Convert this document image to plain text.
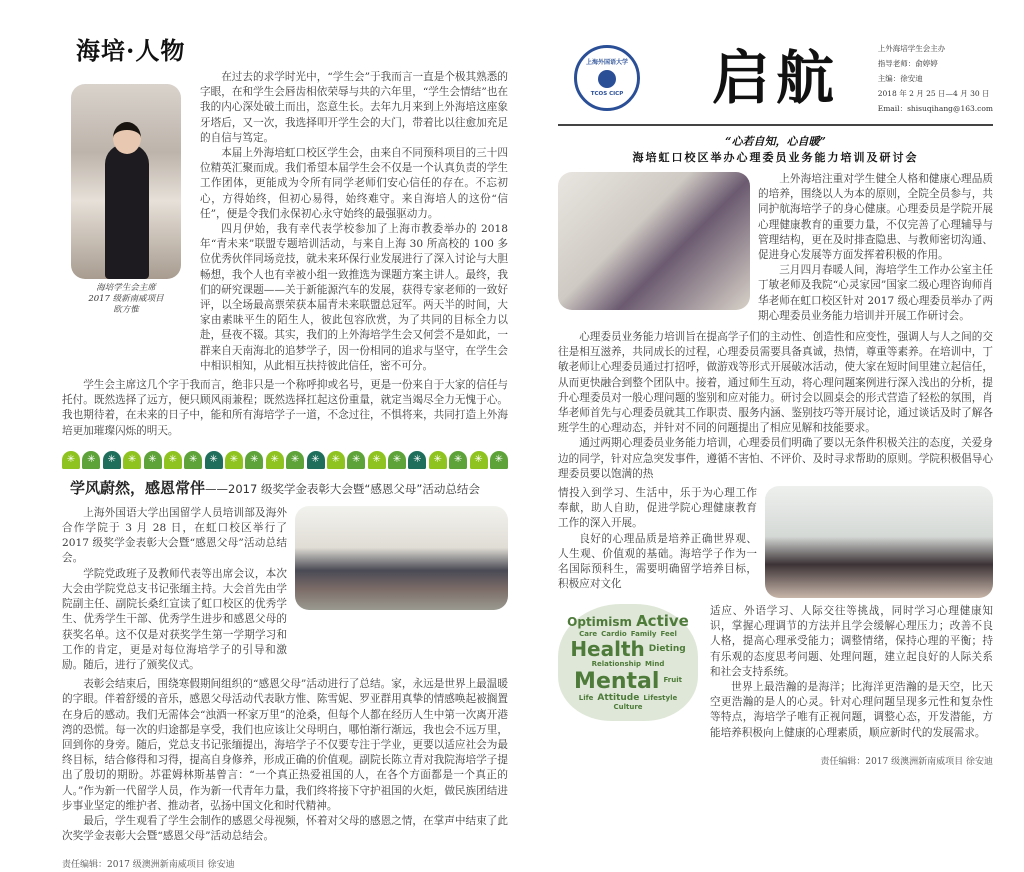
海培·人物
海培学生会主席
2017 级新南威项目
欧方惟

在过去的求学时光中，“学生会”于我而言一直是个极其熟悉的字眼，在和学生会唇齿相依荣辱与共的六年里，“学生会情结”也在我的内心深处破土而出，恣意生长。去年九月来到上外海培这座象牙塔后，又一次，我选择叩开学生会的大门，带着比以往愈加充足的自信与笃定。

本届上外海培虹口校区学生会，由来自不同预科项目的三十四位精英汇聚而成。我们希望本届学生会不仅是一个认真负责的学生工作团体，更能成为令所有同学老师们安心信任的存在。不忘初心，方得始终，但初心易得，始终难守。来自海培人的这份“信任”，便是令我们永保初心永守始终的最强驱动力。

四月伊始，我有幸代表学校参加了上海市教委举办的 2018 年“青未来”联盟专题培训活动，与来自上海 30 所高校的 100 多位优秀伙伴同场竞技，就未来环保行业发展进行了深入讨论与大胆畅想，我个人也有幸被小组一致推选为课题方案主讲人。最终，我们的研究课题——关于新能源汽车的发展，获得专家老师的一致好评，以全场最高票荣获本届青未来联盟总冠军。两天半的时间，大家由素昧平生的陌生人，彼此包容欣赏，为了共同的目标全力以赴，昼夜不辍。其实，我们的上外海培学生会又何尝不是如此，一群来自天南海北的追梦学子，因一份相同的追求与坚守，在学生会中相识相知，从此相互扶持彼此信任，密不可分。

学生会主席这几个字于我而言，绝非只是一个称呼抑或名号，更是一份来自于大家的信任与托付。既然选择了远方，便只顾风雨兼程；既然选择扛起这份重量，就定当竭尽全力无愧于心。我也期待着，在未来的日子中，能和所有海培学子一道，不念过往，不惧将来，共同打造上外海培更加璀璨闪烁的明天。

✳	✳	✳	✳	✳	✳	✳	✳	✳	✳	✳	✳	✳	✳	✳	✳	✳	✳	✳	✳	✳	✳
学风蔚然，感恩常伴——2017 级奖学金表彰大会暨“感恩父母”活动总结会

上海外国语大学出国留学人员培训部及海外合作学院于 3 月 28 日，在虹口校区举行了 2017 级奖学金表彰大会暨“感恩父母”活动总结会。

学院党政班子及教师代表等出席会议，本次大会由学院党总支书记张缅主持。大会首先由学院副主任、副院长桑红宣读了虹口校区的优秀学生、优秀学生干部、优秀学生进步和感恩父母的获奖名单。这不仅是对获奖学生第一学期学习和工作的肯定，更是对每位海培学子的引导和激励。随后，进行了颁奖仪式。

表彰会结束后，围绕寒假期间组织的“感恩父母”活动进行了总结。家，永远是世界上最温暖的字眼。伴着舒缓的音乐，感恩父母活动代表耿方惟、陈雪妮、罗亚群用真挚的情感唤起被搁置在身后的感动。我们无需体会“浊酒一杯家万里”的沧桑，但每个人都在经历人生中第一次离开港湾的恐慌。每一次的归途都是享受，我们也应该让父母明白，哪怕渐行渐远，我也会不远万里，回到你的身旁。随后，党总支书记张缅提出，海培学子不仅要专注于学业，更要以适应社会为最终目标，结合修得和习得，提高自身修养，形成正确的价值观。副院长陈立青对我院海培学子提出了殷切的期盼。苏霍姆林斯基曾言：“一个真正热爱祖国的人，在各个方面都是一个真正的人。”作为新一代留学人员，作为新一代青年力量，我们终将接下守护祖国的火炬，做民族团结进步事业坚定的维护者、推动者，弘扬中国文化和时代精神。

最后，学生观看了学生会制作的感恩父母视频，怀着对父母的感恩之情，在掌声中结束了此次奖学金表彰大会暨“感恩父母”活动总结会。

责任编辑：2017 级澳洲新南威项目 徐安迪
上海外国语大学
TCOS CICP 启航	上外海培学生会主办
指导老师：俞婷婷
主编：徐安迪
2018 年 2 月 25 日—4 月 30 日
Email：shisuqihang@163.com
“心若自知，心自暖”
海培虹口校区举办心理委员业务能力培训及研讨会

上外海培注重对学生健全人格和健康心理品质的培养，围绕以人为本的原则，全院全员参与，共同护航海培学子的身心健康。心理委员是学院开展心理健康教育的重要力量，不仅完善了心理辅导与管理结构，更在及时排查隐患、与教师密切沟通、促进身心发展等方面发挥着积极的作用。

三月四月春暖人间，海培学生工作办公室主任丁敏老师及我院“心灵家园”国家二级心理咨询师肖华老师在虹口校区针对 2017 级心理委员举办了两期心理委员业务能力培训并开展工作研讨会。

心理委员业务能力培训旨在提高学子们的主动性、创造性和应变性，强调人与人之间的交往是相互滋养，共同成长的过程，心理委员需要具备真诚，热情，尊重等素养。在培训中，丁敏老师让心理委员通过打招呼，做游戏等形式开展破冰活动，使大家在短时间里建立起信任，从而更快融合到整个团队中。接着，通过师生互动，将心理问题案例进行深入浅出的分析，提升心理委员对一般心理问题的鉴别和应对能力。研讨会以圆桌会的形式营造了轻松的氛围，肖华老师首先与心理委员就其工作职责、服务内涵、鉴别技巧等开展讨论，通过谈话及时了解各班学生的心理动态，并针对不同的问题提出了相应见解和技能要求。

通过两期心理委员业务能力培训，心理委员们明确了要以无条件积极关注的态度，关爱身边的同学，针对应急突发事件，遵循不害怕、不评价、及时寻求帮助的原则。学院积极倡导心理委员要以饱满的热

情投入到学习、生活中，乐于为心理工作奉献，助人自助，促进学院心理健康教育工作的深入开展。

良好的心理品质是培养正确世界观、人生观、价值观的基础。海培学子作为一名国际预科生，需要明确留学培养目标，积极应对文化

Optimism Active
Care Cardio Family Feel
Health Dieting
Relationship Mind
Mental Fruit
Life Attitude Lifestyle
Culture

适应、外语学习、人际交往等挑战，同时学习心理健康知识，掌握心理调节的方法并且学会缓解心理压力；改善不良人格，提高心理承受能力；调整情绪，保持心理的平衡；持有乐观的态度思考问题、处理问题，建立起良好的人际关系和社会支持系统。

世界上最浩瀚的是海洋；比海洋更浩瀚的是天空，比天空更浩瀚的是人的心灵。针对心理问题呈现多元性和复杂性等特点，海培学子唯有正视问题，调整心态，开发潜能，方能培养积极向上健康的心理素质，顺应新时代的发展需求。

责任编辑：2017 级澳洲新南威项目 徐安迪
